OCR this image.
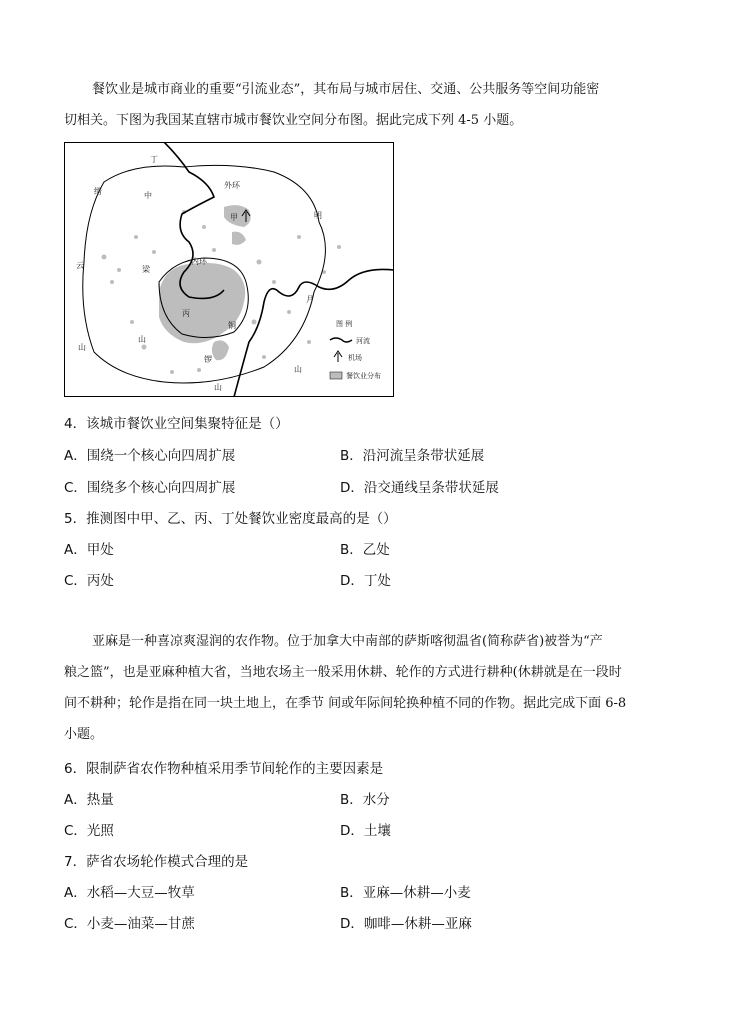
餐饮业是城市商业的重要“引流业态”，其布局与城市居住、交通、公共服务等空间功能密

切相关。下图为我国某直辖市城市餐饮业空间分布图。据此完成下列 4-5 小题。

丁
外环
甲
内环
丙
缙	中
云	梁
山
山
明
月
山
铜
锣
山
图 例
河流
机场
餐饮业分布

4．该城市餐饮业空间集聚特征是（）

A．围绕一个核心向四周扩展	B．沿河流呈条带状延展

C．围绕多个核心向四周扩展	D．沿交通线呈条带状延展

5．推测图中甲、乙、丙、丁处餐饮业密度最高的是（）

A．甲处	B．乙处

C．丙处	D．丁处

亚麻是一种喜凉爽湿润的农作物。位于加拿大中南部的萨斯喀彻温省(简称萨省)被誉为“产

粮之篮”，也是亚麻种植大省，当地农场主一般采用休耕、轮作的方式进行耕种(休耕就是在一段时

间不耕种；轮作是指在同一块土地上，在季节 间或年际间轮换种植不同的作物。据此完成下面 6-8

小题。

6．限制萨省农作物种植采用季节间轮作的主要因素是

A．热量	B．水分

C．光照	D．土壤

7．萨省农场轮作模式合理的是

A．水稻—大豆—牧草	B．亚麻—休耕—小麦

C．小麦—油菜—甘蔗	D．咖啡—休耕—亚麻
